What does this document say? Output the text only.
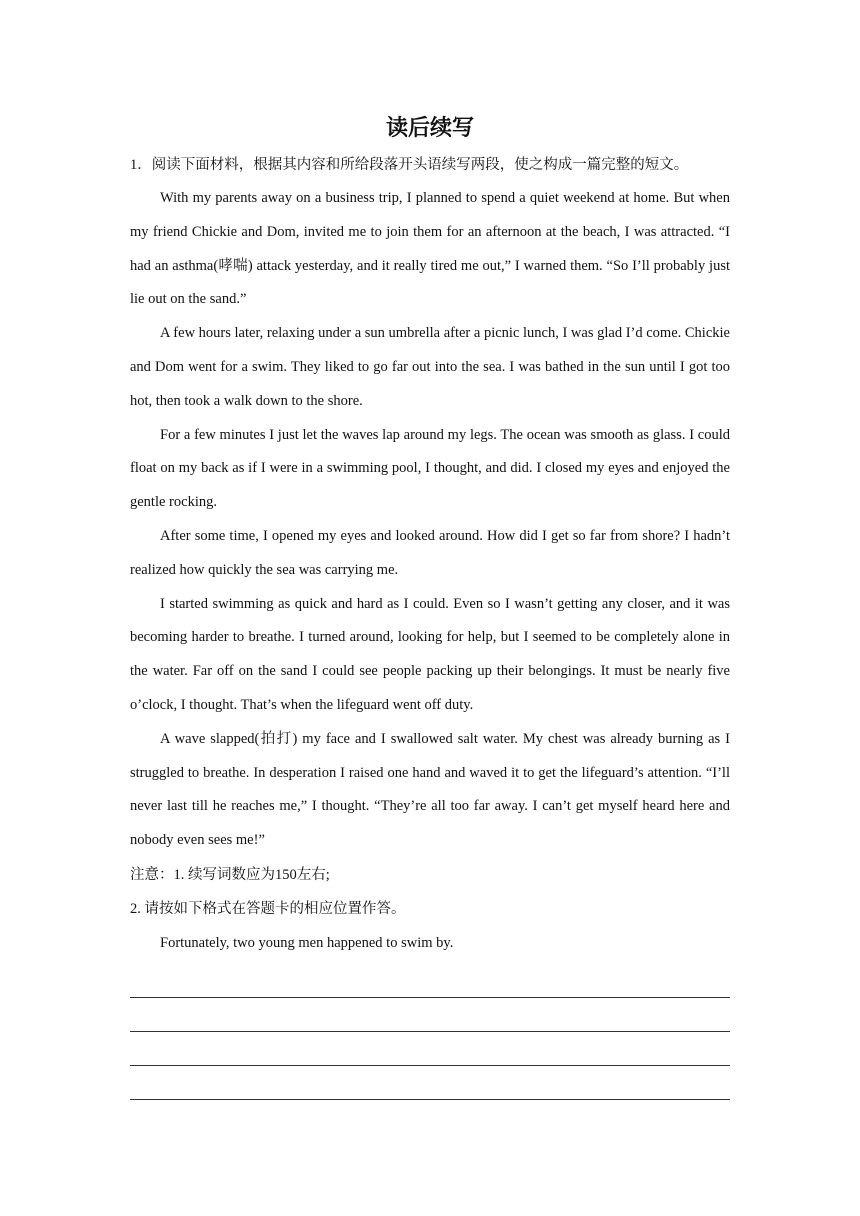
读后续写

1．阅读下面材料，根据其内容和所给段落开头语续写两段，使之构成一篇完整的短文。

With my parents away on a business trip, I planned to spend a quiet weekend at home. But when my friend Chickie and Dom, invited me to join them for an afternoon at the beach, I was attracted. “I had an asthma(哮喘) attack yesterday, and it really tired me out,” I warned them. “So I’ll probably just lie out on the sand.”

A few hours later, relaxing under a sun umbrella after a picnic lunch, I was glad I’d come. Chickie and Dom went for a swim. They liked to go far out into the sea. I was bathed in the sun until I got too hot, then took a walk down to the shore.

For a few minutes I just let the waves lap around my legs. The ocean was smooth as glass. I could float on my back as if I were in a swimming pool, I thought, and did. I closed my eyes and enjoyed the gentle rocking.

After some time, I opened my eyes and looked around. How did I get so far from shore? I hadn’t realized how quickly the sea was carrying me.

I started swimming as quick and hard as I could. Even so I wasn’t getting any closer, and it was becoming harder to breathe. I turned around, looking for help, but I seemed to be completely alone in the water. Far off on the sand I could see people packing up their belongings. It must be nearly five o’clock, I thought. That’s when the lifeguard went off duty.

A wave slapped(拍打) my face and I swallowed salt water. My chest was already burning as I struggled to breathe. In desperation I raised one hand and waved it to get the lifeguard’s attention. “I’ll never last till he reaches me,” I thought. “They’re all too far away. I can’t get myself heard here and nobody even sees me!”

注意：1. 续写词数应为150左右;

2. 请按如下格式在答题卡的相应位置作答。

Fortunately, two young men happened to swim by.
